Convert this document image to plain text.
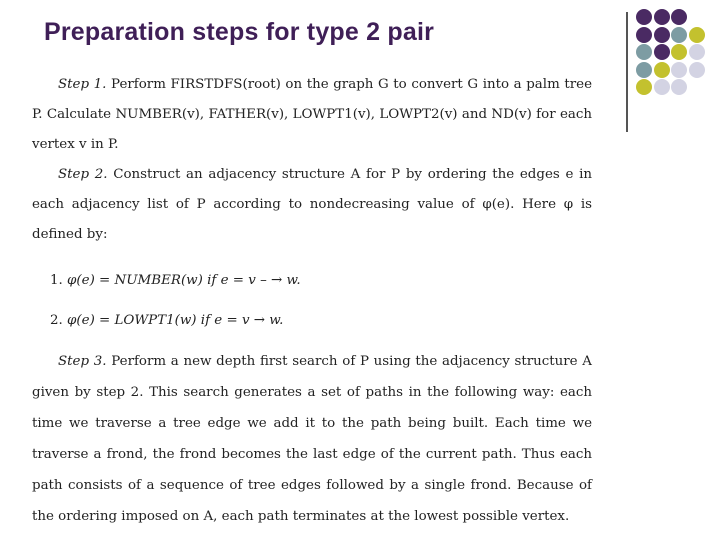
Preparation steps for type 2 pair

Step 1. Perform FIRSTDFS(root) on the graph G to convert G into a palm tree P. Calculate NUMBER(v), FATHER(v), LOWPT1(v), LOWPT2(v) and ND(v) for each vertex v in P.

Step 2. Construct an adjacency structure A for P by ordering the edges e in each adjacency list of P according to nondecreasing value of φ(e). Here φ is defined by:

1. φ(e) = NUMBER(w) if e = v – → w.
2. φ(e) = LOWPT1(w) if e = v → w.

Step 3. Perform a new depth first search of P using the adjacency structure A given by step 2. This search generates a set of paths in the following way: each time we traverse a tree edge we add it to the path being built. Each time we traverse a frond, the frond becomes the last edge of the current path. Thus each path consists of a sequence of tree edges followed by a single frond. Because of the ordering imposed on A, each path terminates at the lowest possible vertex.
